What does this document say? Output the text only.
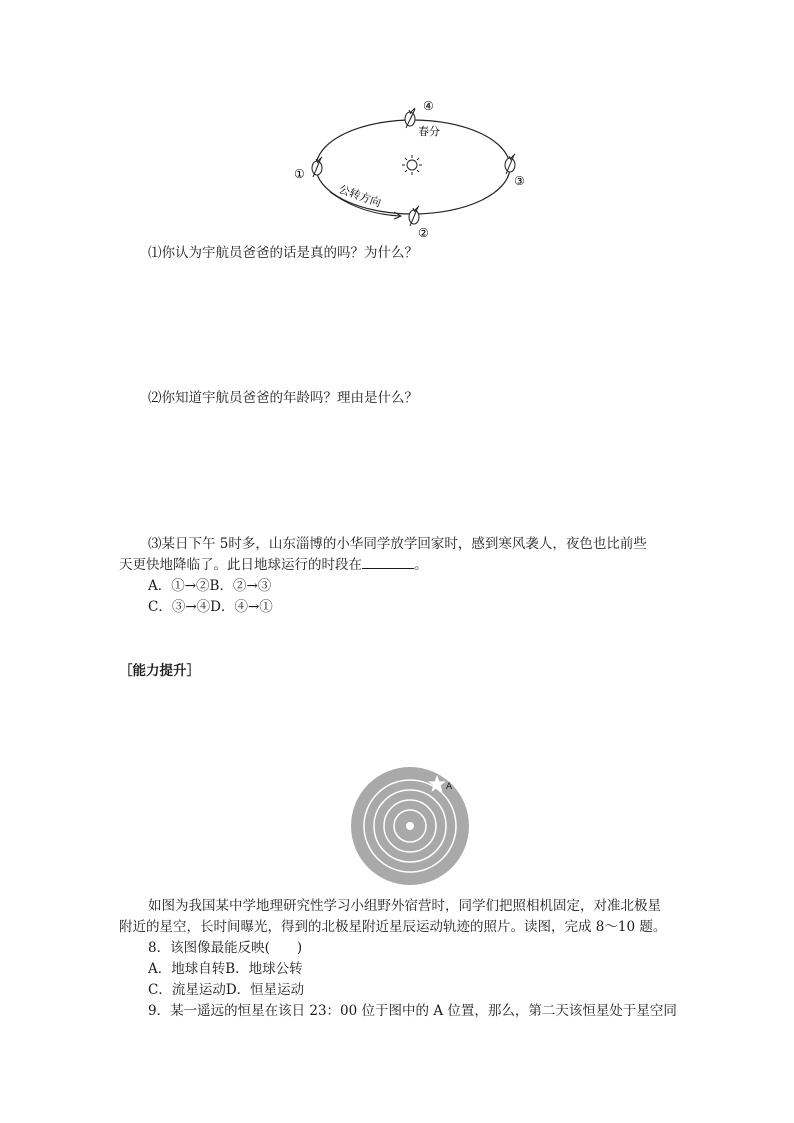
公转方向
春分
④
①	③
②
⑴你认为宇航员爸爸的话是真的吗？为什么？
⑵你知道宇航员爸爸的年龄吗？理由是什么？
⑶某日下午 5时多，山东淄博的小华同学放学回家时，感到寒风袭人，夜色也比前些
天更快地降临了。此日地球运行的时段在	。
A．①→②B．②→③
C．③→④D．④→①
［能力提升］
A
如图为我国某中学地理研究性学习小组野外宿营时，同学们把照相机固定，对准北极星
附近的星空，长时间曝光，得到的北极星附近星辰运动轨迹的照片。读图，完成 8～10 题。
8．该图像最能反映(　　)
A．地球自转B．地球公转
C．流星运动D．恒星运动
9．某一遥远的恒星在该日 23：00 位于图中的 A 位置，那么，第二天该恒星处于星空同
